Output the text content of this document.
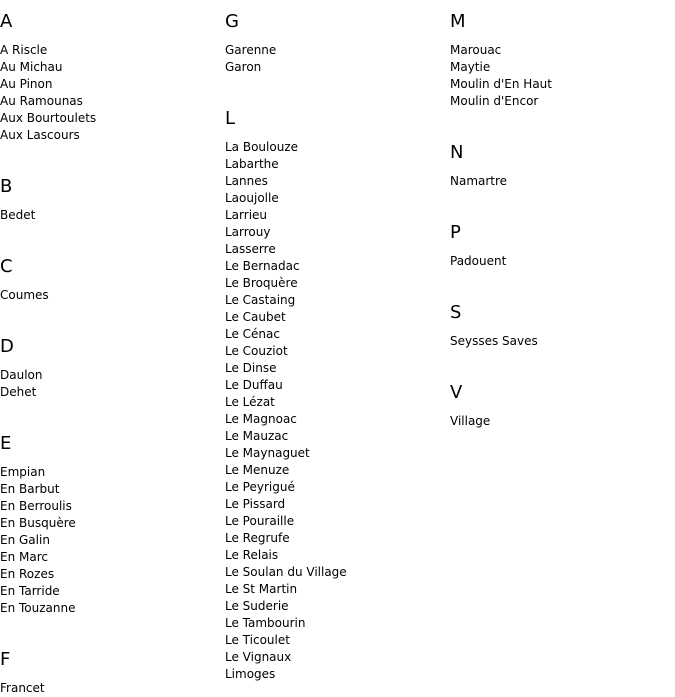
A
A Riscle
Au Michau
Au Pinon
Au Ramounas
Aux Bourtoulets
Aux Lascours
B
Bedet
C
Coumes
D
Daulon
Dehet
E
Empian
En Barbut
En Berroulis
En Busquère
En Galin
En Marc
En Rozes
En Tarride
En Touzanne
F
Francet
G
Garenne
Garon
L
La Boulouze
Labarthe
Lannes
Laoujolle
Larrieu
Larrouy
Lasserre
Le Bernadac
Le Broquère
Le Castaing
Le Caubet
Le Cénac
Le Couziot
Le Dinse
Le Duffau
Le Lézat
Le Magnoac
Le Mauzac
Le Maynaguet
Le Menuze
Le Peyrigué
Le Pissard
Le Pouraille
Le Regrufe
Le Relais
Le Soulan du Village
Le St Martin
Le Suderie
Le Tambourin
Le Ticoulet
Le Vignaux
Limoges
M
Marouac
Maytie
Moulin d'En Haut
Moulin d'Encor
N
Namartre
P
Padouent
S
Seysses Saves
V
Village
